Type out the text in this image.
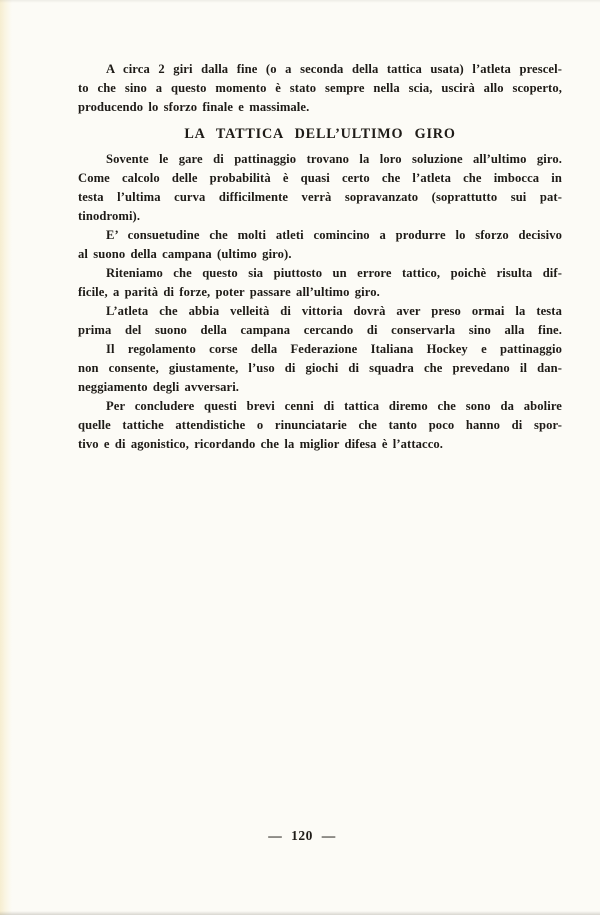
A circa 2 giri dalla fine (o a seconda della tattica usata) l’atleta prescel-
to che sino a questo momento è stato sempre nella scia, uscirà allo scoperto,
producendo lo sforzo finale e massimale.

LA TATTICA DELL’ULTIMO GIRO

Sovente le gare di pattinaggio trovano la loro soluzione all’ultimo giro.
Come calcolo delle probabilità è quasi certo che l’atleta che imbocca in
testa l’ultima curva difficilmente verrà sopravanzato (soprattutto sui pat-
tinodromi).

E’ consuetudine che molti atleti comincino a produrre lo sforzo decisivo
al suono della campana (ultimo giro).

Riteniamo che questo sia piuttosto un errore tattico, poichè risulta dif-
ficile, a parità di forze, poter passare all’ultimo giro.

L’atleta che abbia velleità di vittoria dovrà aver preso ormai la testa
prima del suono della campana cercando di conservarla sino alla fine.

Il regolamento corse della Federazione Italiana Hockey e pattinaggio
non consente, giustamente, l’uso di giochi di squadra che prevedano il dan-
neggiamento degli avversari.

Per concludere questi brevi cenni di tattica diremo che sono da abolire
quelle tattiche attendistiche o rinunciatarie che tanto poco hanno di spor-
tivo e di agonistico, ricordando che la miglior difesa è l’attacco.

— 120 —
